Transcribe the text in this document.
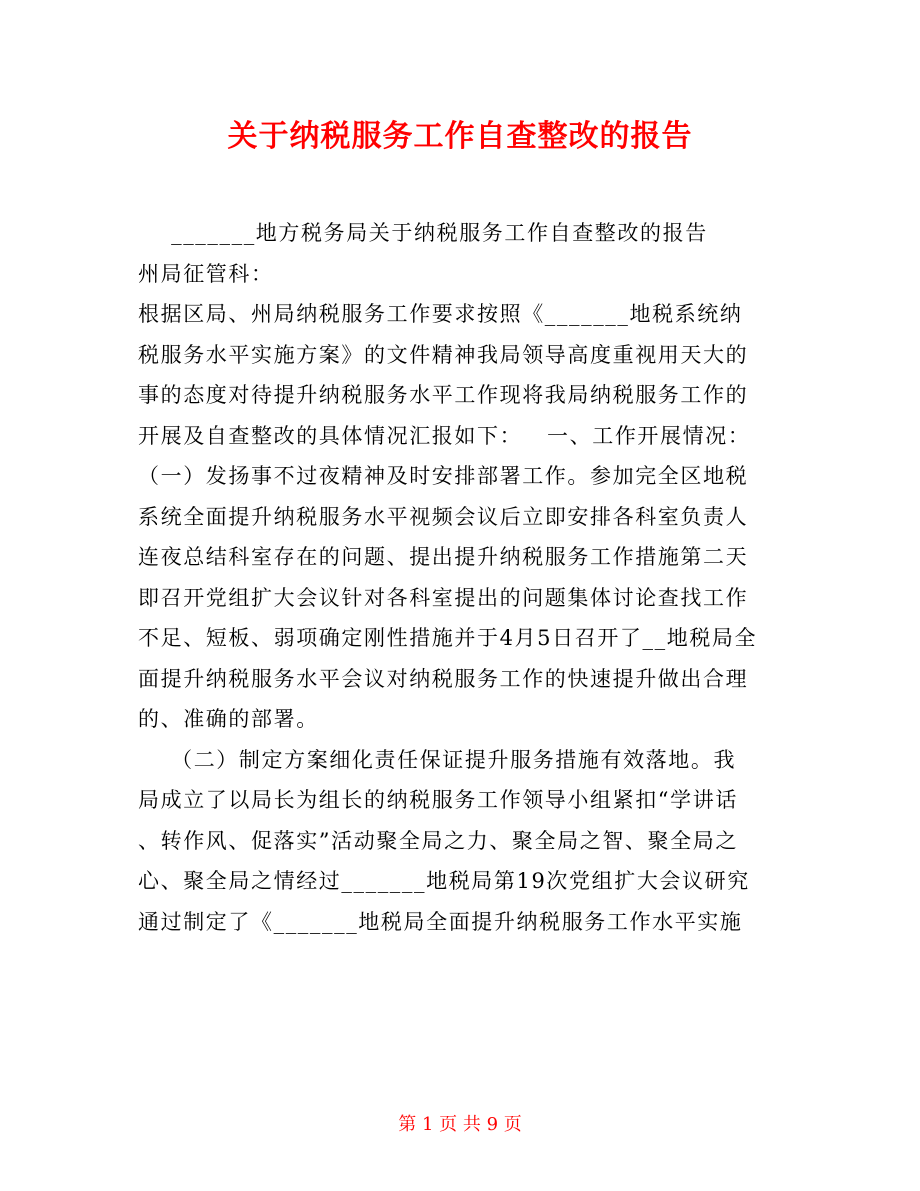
关于纳税服务工作自查整改的报告

_______地方税务局关于纳税服务工作自查整改的报告

州局征管科：

根据区局、州局纳税服务工作要求按照《_______地税系统纳

税服务水平实施方案》的文件精神我局领导高度重视用天大的

事的态度对待提升纳税服务水平工作现将我局纳税服务工作的

开展及自查整改的具体情况汇报如下：   一、工作开展情况：

（一）发扬事不过夜精神及时安排部署工作。参加完全区地税

系统全面提升纳税服务水平视频会议后立即安排各科室负责人

连夜总结科室存在的问题、提出提升纳税服务工作措施第二天

即召开党组扩大会议针对各科室提出的问题集体讨论查找工作

不足、短板、弱项确定刚性措施并于4月5日召开了__地税局全

面提升纳税服务水平会议对纳税服务工作的快速提升做出合理

的、准确的部署。

（二）制定方案细化责任保证提升服务措施有效落地。我

局成立了以局长为组长的纳税服务工作领导小组紧扣“学讲话

、转作风、促落实”活动聚全局之力、聚全局之智、聚全局之

心、聚全局之情经过_______地税局第19次党组扩大会议研究

通过制定了《_______地税局全面提升纳税服务工作水平实施

第 1 页 共 9 页
